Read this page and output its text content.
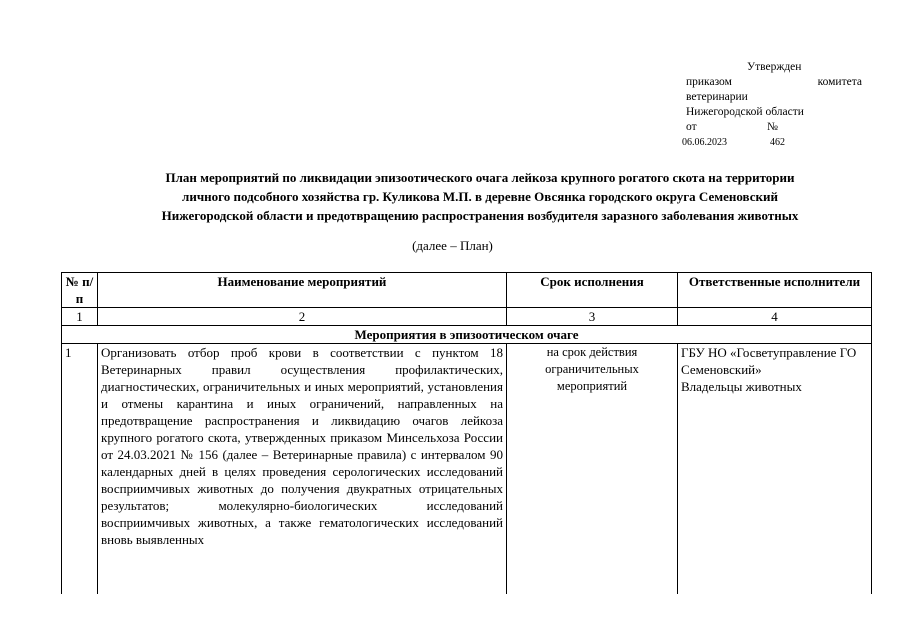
Утвержден
приказом	комитета
ветеринарии
Нижегородской области
от	№
06.06.2023	462
План мероприятий по ликвидации эпизоотического очага лейкоза крупного рогатого скота на территории
личного подсобного хозяйства гр. Куликова М.П. в деревне Овсянка городского округа Семеновский
Нижегородской области и предотвращению распространения возбудителя заразного заболевания животных
(далее – План)
№ п/п	Наименование мероприятий	Срок исполнения	Ответственные исполнители
1	2	3	4
Мероприятия в эпизоотическом очаге			
1	Организовать отбор проб крови в соответствии с пунктом 18 Ветеринарных правил осуществления профилактических, диагностических, ограничительных и иных мероприятий, установления и отмены карантина и иных ограничений, направленных на предотвращение распространения и ликвидацию очагов лейкоза крупного рогатого скота, утвержденных приказом Минсельхоза России от 24.03.2021 № 156 (далее – Ветеринарные правила) с интервалом 90 календарных дней в целях проведения серологических исследований восприимчивых животных до получения двукратных отрицательных результатов; молекулярно-биологических исследований восприимчивых животных, а также гематологических исследований вновь выявленных	на срок действия ограничительных мероприятий	ГБУ НО «Госветуправление ГО Семеновский»
Владельцы животных
